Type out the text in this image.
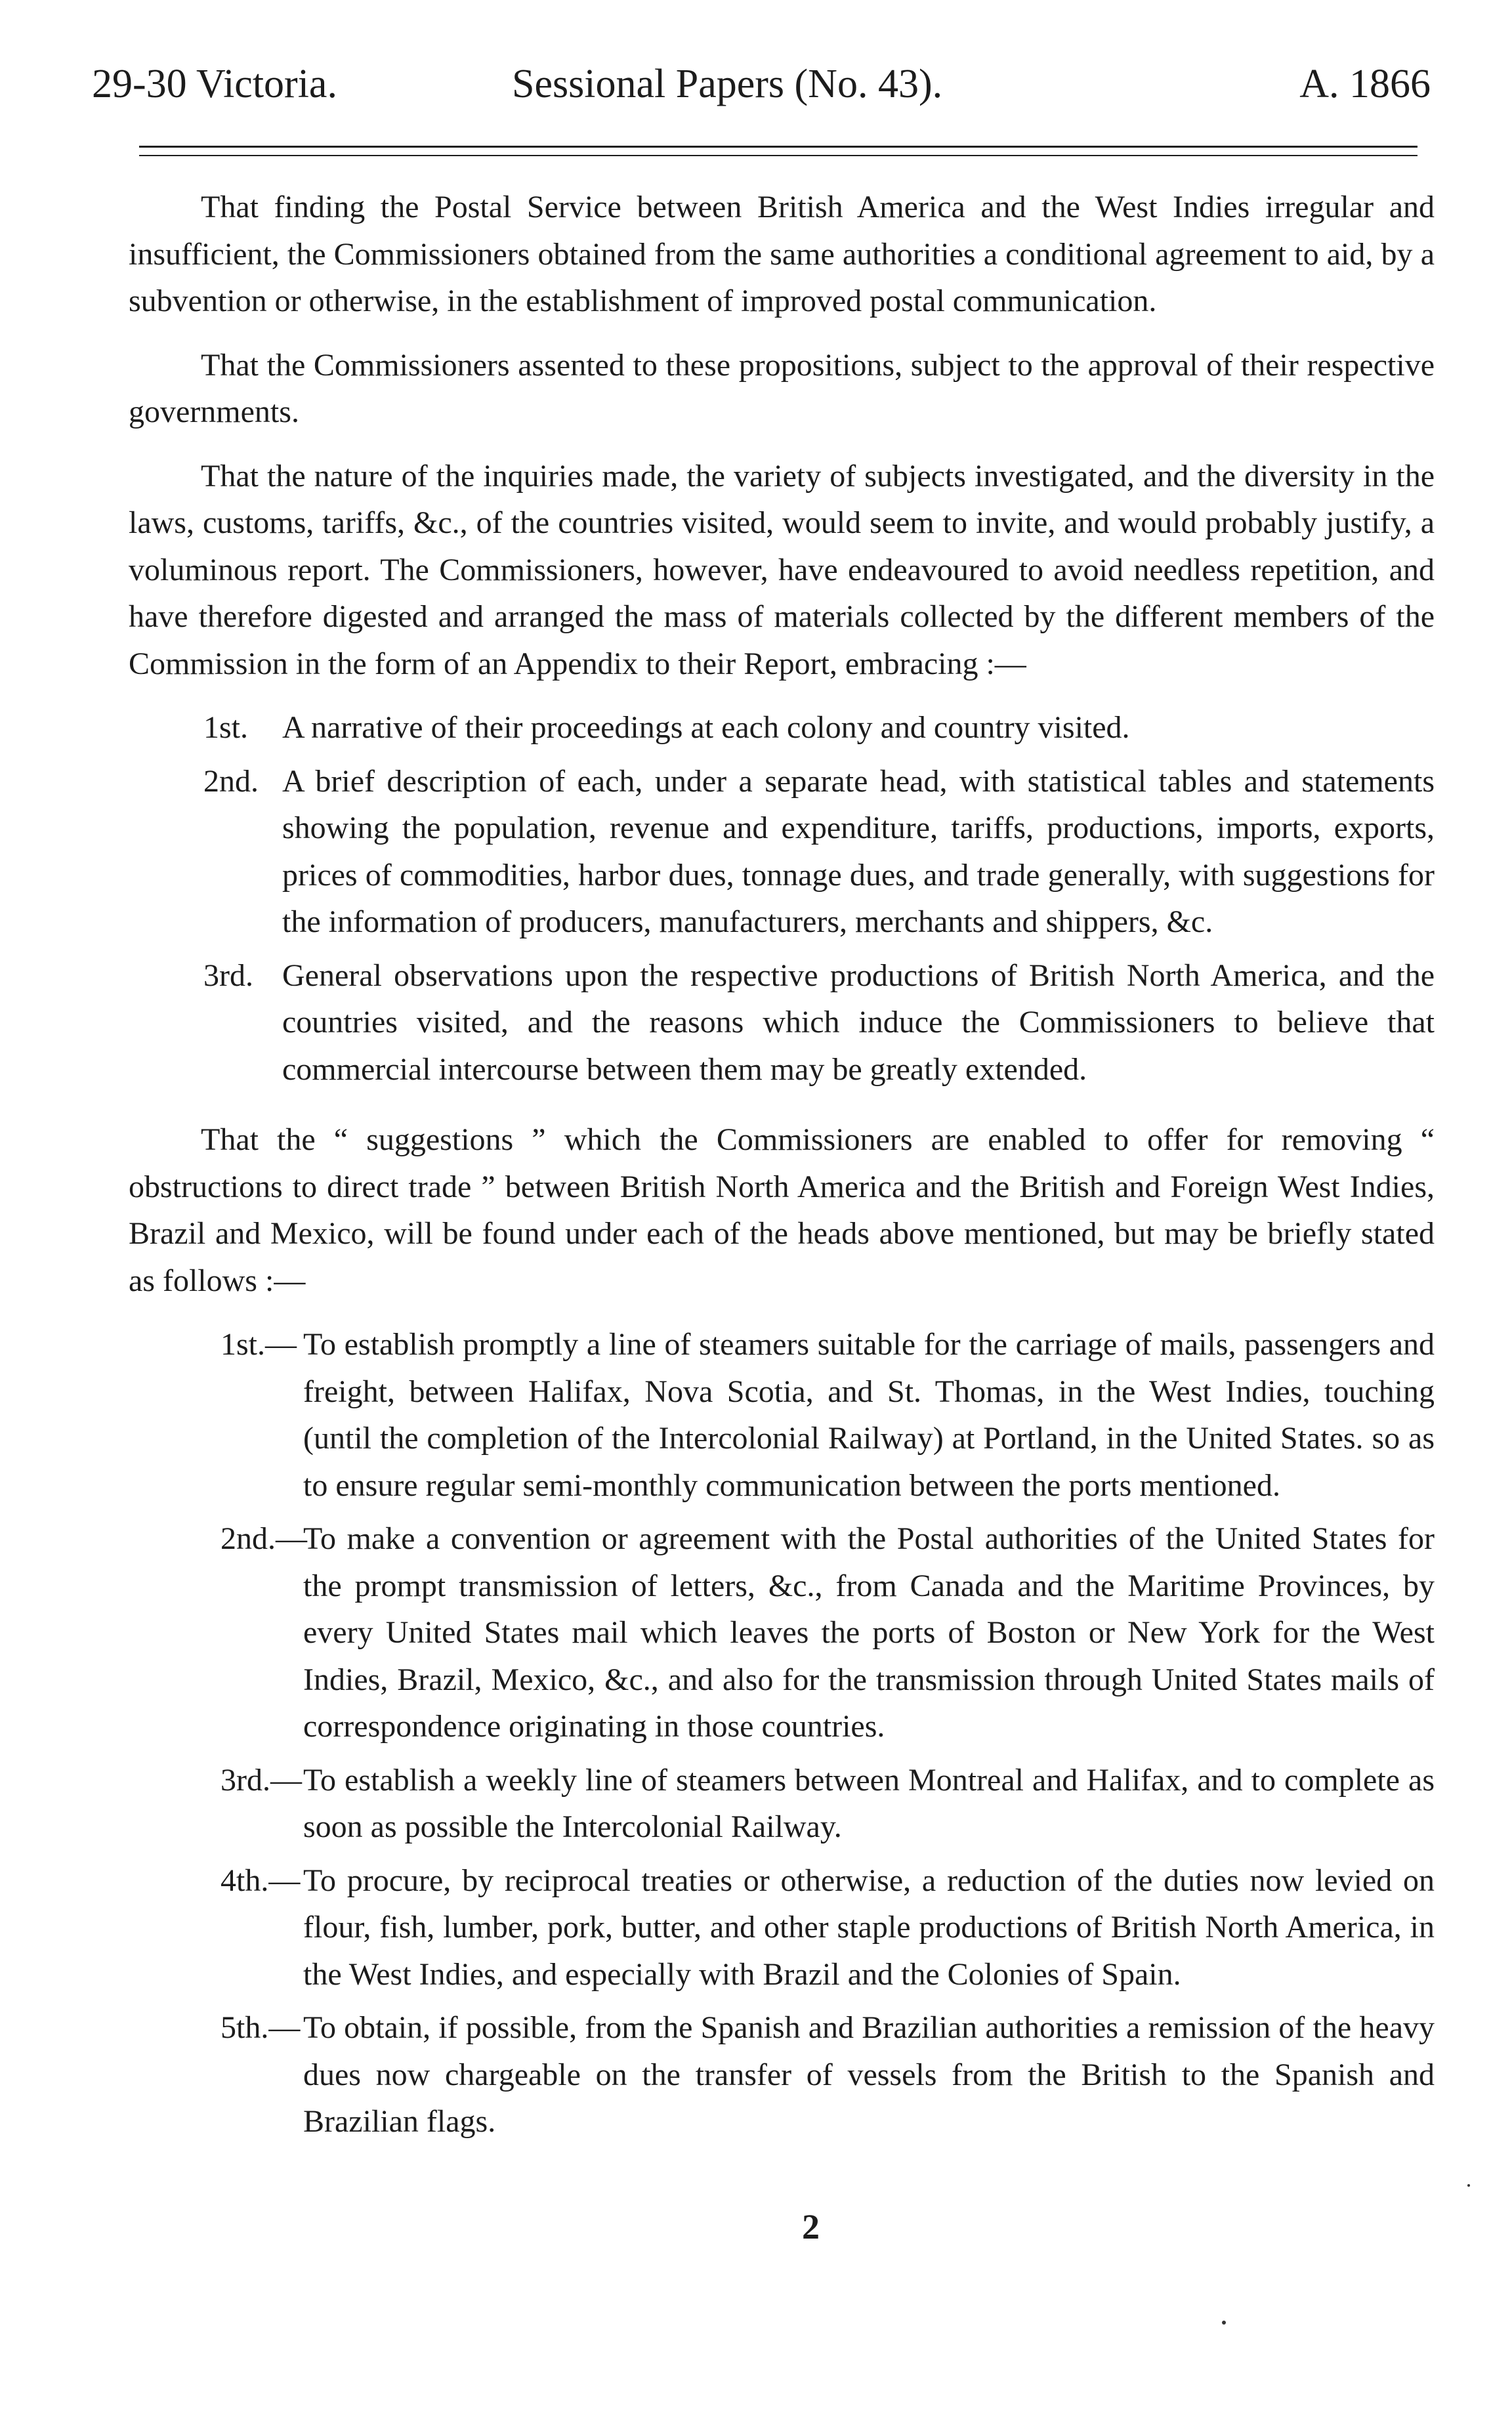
29-30 Victoria.	Sessional Papers (No. 43).	A. 1866

That finding the Postal Service between British America and the West Indies irregular and insufficient, the Commissioners obtained from the same authorities a conditional agreement to aid, by a subvention or otherwise, in the establishment of improved postal communication.

That the Commissioners assented to these propositions, subject to the approval of their respective governments.

That the nature of the inquiries made, the variety of subjects investigated, and the diversity in the laws, customs, tariffs, &c., of the countries visited, would seem to invite, and would probably justify, a voluminous report. The Commissioners, however, have endeavoured to avoid needless repetition, and have therefore digested and arranged the mass of materials collected by the different members of the Commission in the form of an Appendix to their Report, embracing :—

1st. A narrative of their proceedings at each colony and country visited.
2nd. A brief description of each, under a separate head, with statistical tables and statements showing the population, revenue and expenditure, tariffs, productions, imports, exports, prices of commodities, harbor dues, tonnage dues, and trade generally, with suggestions for the information of producers, manufacturers, merchants and shippers, &c.
3rd. General observations upon the respective productions of British North America, and the countries visited, and the reasons which induce the Commissioners to believe that commercial intercourse between them may be greatly extended.

That the “ suggestions ” which the Commissioners are enabled to offer for removing “ obstructions to direct trade ” between British North America and the British and Foreign West Indies, Brazil and Mexico, will be found under each of the heads above mentioned, but may be briefly stated as follows :—

1st.— To establish promptly a line of steamers suitable for the carriage of mails, passengers and freight, between Halifax, Nova Scotia, and St. Thomas, in the West Indies, touching (until the completion of the Intercolonial Railway) at Portland, in the United States. so as to ensure regular semi-monthly communication between the ports mentioned.
2nd.—
To make a convention or agreement with the Postal authorities of the United States for the prompt transmission of letters, &c., from Canada and the Maritime Provinces, by every United States mail which leaves the ports of Boston or New York for the West Indies, Brazil, Mexico, &c., and also for the transmission through United States mails of correspondence originating in those countries.
3rd.— To establish a weekly line of steamers between Montreal and Halifax, and to complete as soon as possible the Intercolonial Railway.
4th.— To procure, by reciprocal treaties or otherwise, a reduction of the duties now levied on flour, fish, lumber, pork, butter, and other staple productions of British North America, in the West Indies, and especially with Brazil and the Colonies of Spain.
5th.— To obtain, if possible, from the Spanish and Brazilian authorities a remission of the heavy dues now chargeable on the transfer of vessels from the British to the Spanish and Brazilian flags.
2
